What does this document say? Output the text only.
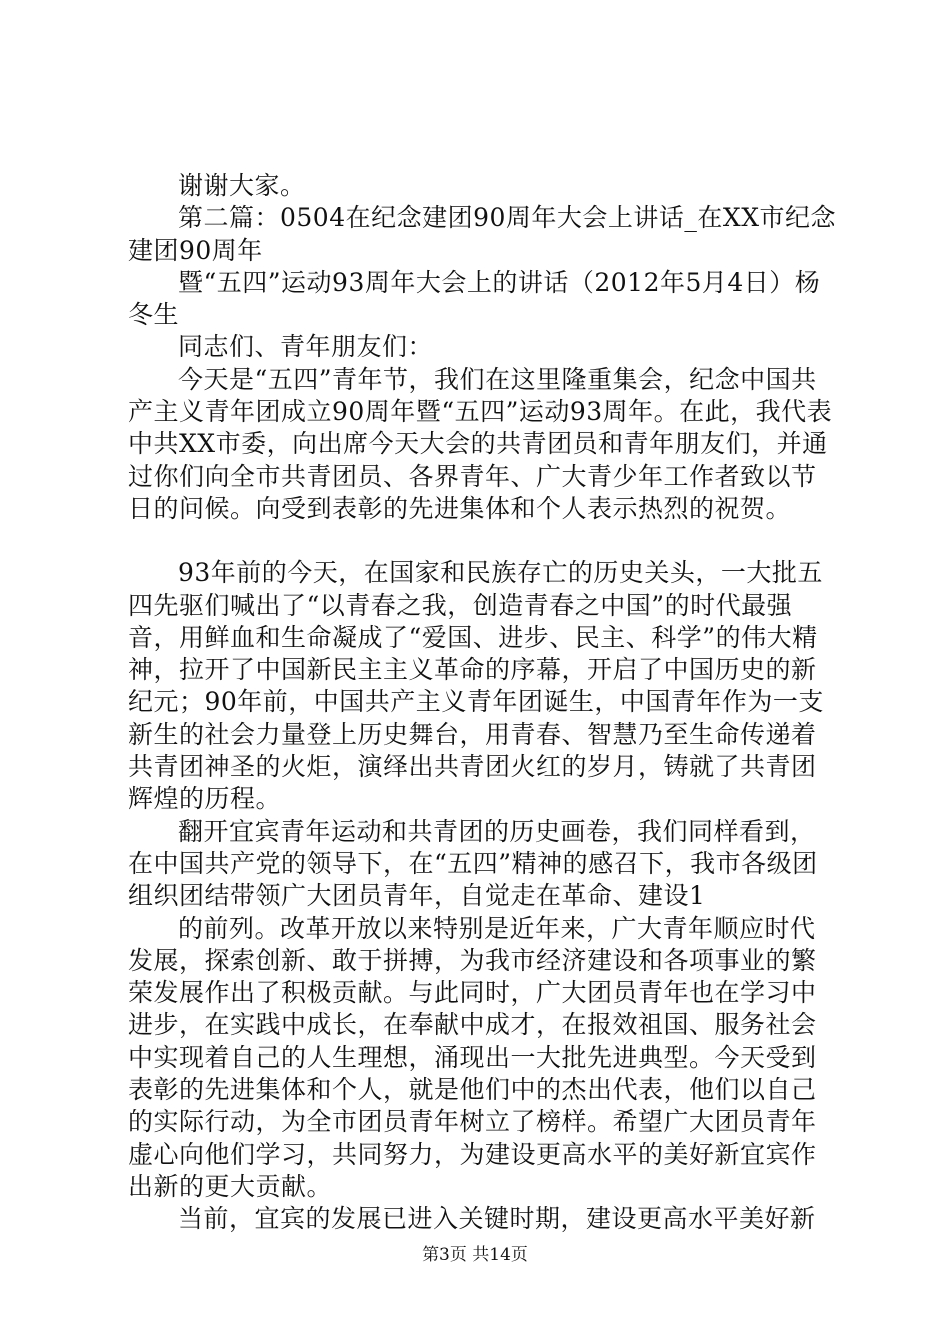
谢谢大家。

第二篇：0504在纪念建团90周年大会上讲话_在XX市纪念建团90周年

暨“五四”运动93周年大会上的讲话（2012年5月4日）杨冬生

同志们、青年朋友们：

今天是“五四”青年节，我们在这里隆重集会，纪念中国共产主义青年团成立90周年暨“五四”运动93周年。在此，我代表中共XX市委，向出席今天大会的共青团员和青年朋友们，并通过你们向全市共青团员、各界青年、广大青少年工作者致以节日的问候。向受到表彰的先进集体和个人表示热烈的祝贺。

93年前的今天，在国家和民族存亡的历史关头，一大批五四先驱们喊出了“以青春之我，创造青春之中国”的时代最强音，用鲜血和生命凝成了“爱国、进步、民主、科学”的伟大精神，拉开了中国新民主主义革命的序幕，开启了中国历史的新纪元；90年前，中国共产主义青年团诞生，中国青年作为一支新生的社会力量登上历史舞台，用青春、智慧乃至生命传递着共青团神圣的火炬，演绎出共青团火红的岁月，铸就了共青团辉煌的历程。

翻开宜宾青年运动和共青团的历史画卷，我们同样看到，在中国共产党的领导下，在“五四”精神的感召下，我市各级团组织团结带领广大团员青年，自觉走在革命、建设1

的前列。改革开放以来特别是近年来，广大青年顺应时代发展，探索创新、敢于拼搏，为我市经济建设和各项事业的繁荣发展作出了积极贡献。与此同时，广大团员青年也在学习中进步，在实践中成长，在奉献中成才，在报效祖国、服务社会中实现着自己的人生理想，涌现出一大批先进典型。今天受到表彰的先进集体和个人，就是他们中的杰出代表，他们以自己的实际行动，为全市团员青年树立了榜样。希望广大团员青年虚心向他们学习，共同努力，为建设更高水平的美好新宜宾作出新的更大贡献。

当前，宜宾的发展已进入关键时期，建设更高水平美好新

第3页 共14页
